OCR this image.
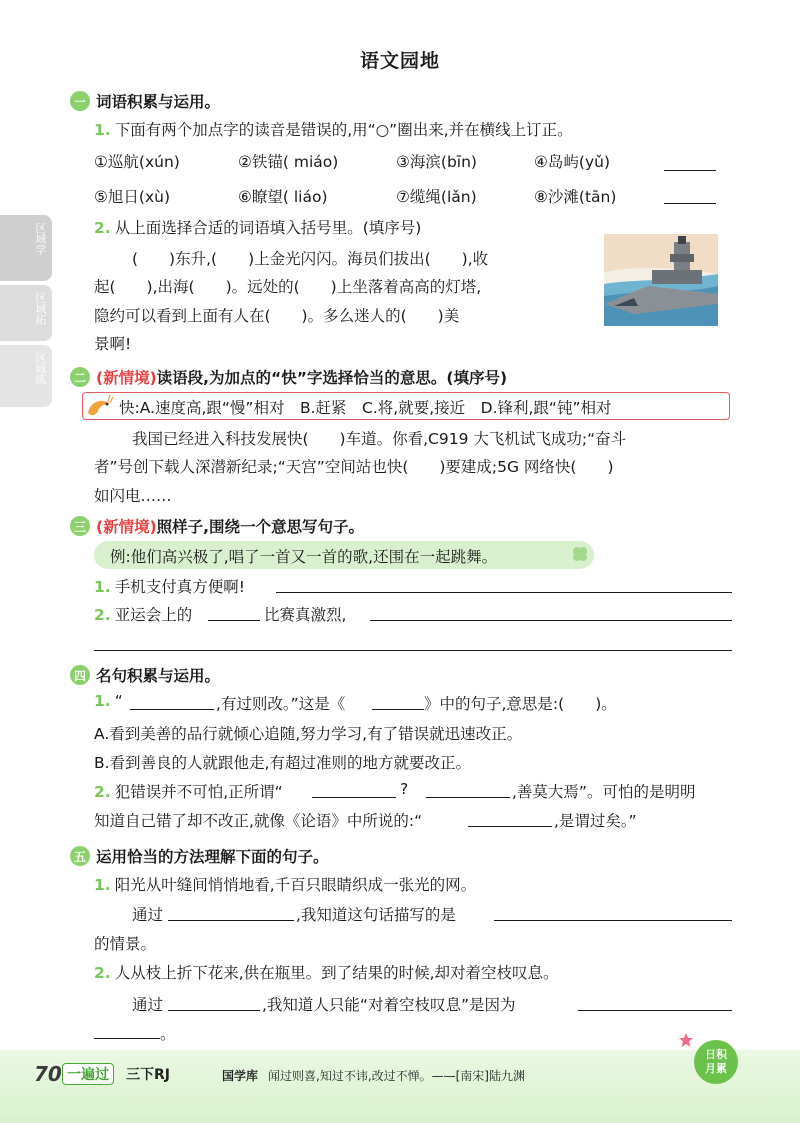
语文园地
区域学
区域拓
区域练
一 词语积累与运用。
1. 下面有两个加点字的读音是错误的,用“○”圈出来,并在横线上订正。
①巡航(xún)	②铁锚( miáo)	③海滨(bīn)	④岛屿(yǔ)
⑤旭日(xù)	⑥瞭望( liáo)	⑦缆绳(lǎn)	⑧沙滩(tān)
2. 从上面选择合适的词语填入括号里。(填序号)
(　　)东升,(　　)上金光闪闪。海员们拔出(　　),收
起(　　),出海(　　)。远处的(　　)上坐落着高高的灯塔,
隐约可以看到上面有人在(　　)。多么迷人的(　　)美
景啊!
二 (新情境) 读语段,为加点的“快”字选择恰当的意思。(填序号)
快:A.速度高,跟“慢”相对　B.赶紧　C.将,就要,接近　D.锋利,跟“钝”相对
我国已经进入科技发展快(　　)车道。你看,C919 大飞机试飞成功;“奋斗
者”号创下载人深潜新纪录;“天宫”空间站也快(　　)要建成;5G 网络快(　　)
如闪电……
三 (新情境) 照样子,围绕一个意思写句子。
例:他们高兴极了,唱了一首又一首的歌,还围在一起跳舞。
1. 手机支付真方便啊!
2. 亚运会上的	比赛真激烈,
四 名句积累与运用。
1. “	,有过则改。”这是《	》中的句子,意思是:(　　)。
A.看到美善的品行就倾心追随,努力学习,有了错误就迅速改正。
B.看到善良的人就跟他走,有超过准则的地方就要改正。
2. 犯错误并不可怕,正所谓“	?	,善莫大焉”。可怕的是明明
知道自己错了却不改正,就像《论语》中所说的:“	,是谓过矣。”
五 运用恰当的方法理解下面的句子。
1. 阳光从叶缝间悄悄地看,千百只眼睛织成一张光的网。
通过	,我知道这句话描写的是
的情景。
2. 人从枝上折下花来,供在瓶里。到了结果的时候,却对着空枝叹息。
通过	,我知道人只能“对着空枝叹息”是因为
。
70 一遍过	三下RJ	国学库 闻过则喜,知过不讳,改过不惮。——[南宋]陆九渊
日积
月累
